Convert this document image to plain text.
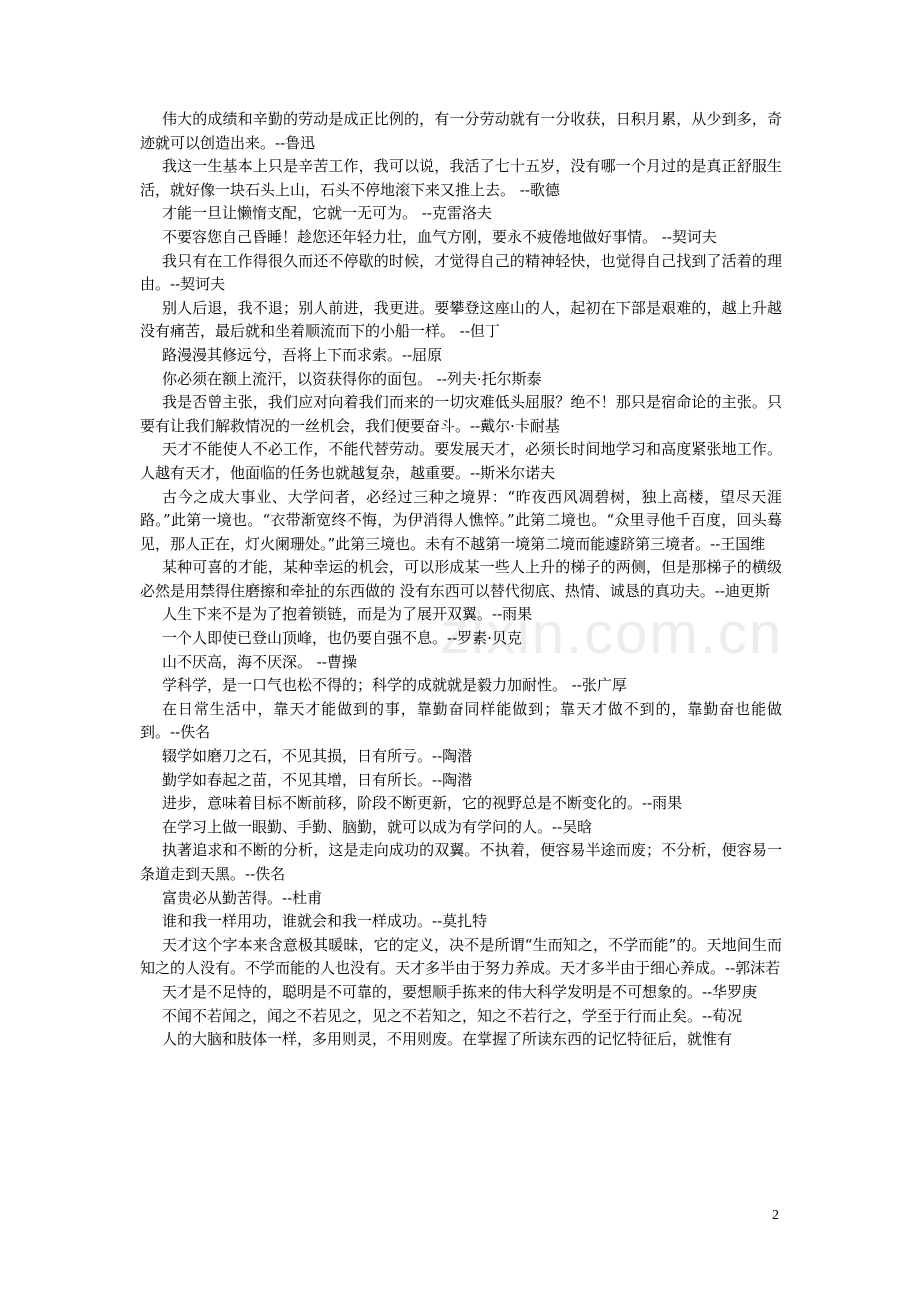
zixin.com.cn

伟大的成绩和辛勤的劳动是成正比例的，有一分劳动就有一分收获，日积月累，从少到多，奇迹就可以创造出来。--鲁迅

我这一生基本上只是辛苦工作，我可以说，我活了七十五岁，没有哪一个月过的是真正舒服生活，就好像一块石头上山，石头不停地滚下来又推上去。 --歌德

才能一旦让懒惰支配，它就一无可为。 --克雷洛夫

不要容您自己昏睡！趁您还年轻力壮，血气方刚，要永不疲倦地做好事情。 --契诃夫

我只有在工作得很久而还不停歇的时候，才觉得自己的精神轻快，也觉得自己找到了活着的理由。--契诃夫

别人后退，我不退；别人前进，我更进。要攀登这座山的人，起初在下部是艰难的，越上升越没有痛苦，最后就和坐着顺流而下的小船一样。 --但丁

路漫漫其修远兮，吾将上下而求索。--屈原

你必须在额上流汗，以资获得你的面包。 --列夫·托尔斯泰

我是否曾主张，我们应对向着我们而来的一切灾难低头屈服？绝不！那只是宿命论的主张。只要有让我们解救情况的一丝机会，我们便要奋斗。--戴尔·卡耐基

天才不能使人不必工作，不能代替劳动。要发展天才，必须长时间地学习和高度紧张地工作。人越有天才，他面临的任务也就越复杂，越重要。--斯米尔诺夫

古今之成大事业、大学问者，必经过三种之境界：“昨夜西风凋碧树，独上高楼，望尽天涯路。”此第一境也。“衣带渐宽终不悔，为伊消得人憔悴。”此第二境也。“众里寻他千百度，回头蓦见，那人正在，灯火阑珊处。”此第三境也。未有不越第一境第二境而能遽跻第三境者。--王国维

某种可喜的才能，某种幸运的机会，可以形成某一些人上升的梯子的两侧，但是那梯子的横级必然是用禁得住磨擦和牵扯的东西做的 没有东西可以替代彻底、热情、诚恳的真功夫。--迪更斯

人生下来不是为了抱着锁链，而是为了展开双翼。--雨果

一个人即使已登山顶峰，也仍要自强不息。--罗素·贝克

山不厌高，海不厌深。 --曹操

学科学，是一口气也松不得的；科学的成就就是毅力加耐性。 --张广厚

在日常生活中，靠天才能做到的事，靠勤奋同样能做到；靠天才做不到的，靠勤奋也能做到。--佚名

辍学如磨刀之石，不见其损，日有所亏。--陶潜

勤学如春起之苗，不见其增，日有所长。--陶潜

进步，意味着目标不断前移，阶段不断更新，它的视野总是不断变化的。--雨果

在学习上做一眼勤、手勤、脑勤，就可以成为有学问的人。--吴晗

执著追求和不断的分析，这是走向成功的双翼。不执着，便容易半途而废；不分析，便容易一条道走到天黑。--佚名

富贵必从勤苦得。--杜甫

谁和我一样用功，谁就会和我一样成功。--莫扎特

天才这个字本来含意极其暖昧，它的定义，决不是所谓“生而知之，不学而能”的。天地间生而知之的人没有。不学而能的人也没有。天才多半由于努力养成。天才多半由于细心养成。--郭沫若

天才是不足恃的，聪明是不可靠的，要想顺手拣来的伟大科学发明是不可想象的。--华罗庚

不闻不若闻之，闻之不若见之，见之不若知之，知之不若行之，学至于行而止矣。--荀况

人的大脑和肢体一样，多用则灵，不用则废。在掌握了所读东西的记忆特征后，就惟有

2
